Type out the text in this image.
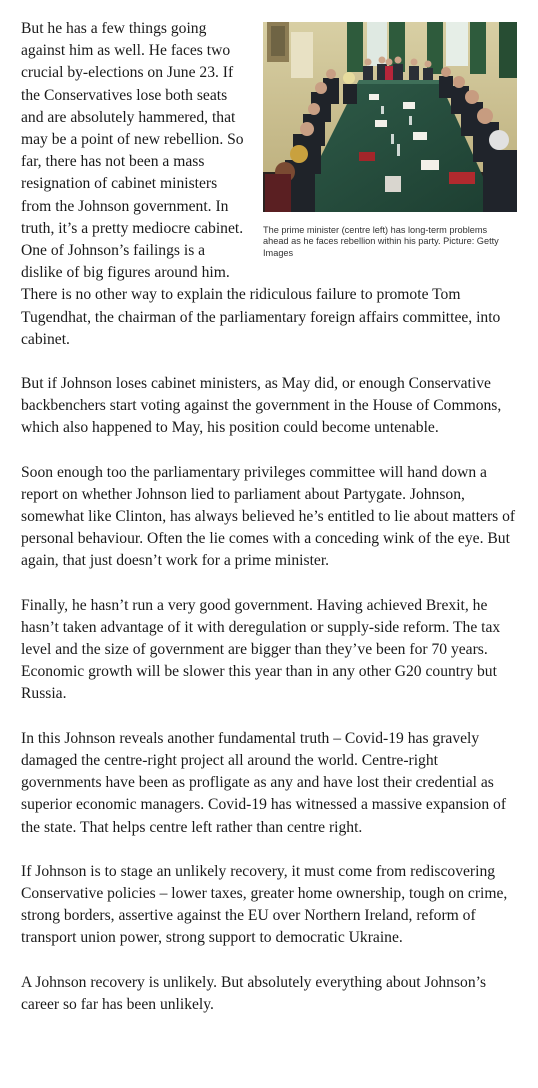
The prime minister (centre left) has long-term problems ahead as he faces rebellion within his party. Picture: Getty Images

But he has a few things going against him as well. He faces two crucial by-elections on June 23. If the Conservatives lose both seats and are absolutely hammered, that may be a point of new rebellion. So far, there has not been a mass resignation of cabinet ministers from the Johnson government. In truth, it’s a pretty mediocre cabinet. One of Johnson’s failings is a dislike of big figures around him. There is no other way to explain the ridiculous failure to promote Tom Tugendhat, the chairman of the parliamentary foreign affairs committee, into cabinet.

But if Johnson loses cabinet ministers, as May did, or enough Conservative backbenchers start voting against the government in the House of Commons, which also happened to May, his position could become untenable.

Soon enough too the parliamentary privileges committee will hand down a report on whether Johnson lied to parliament about Partygate. Johnson, somewhat like Clinton, has always believed he’s entitled to lie about matters of personal behaviour. Often the lie comes with a conceding wink of the eye. But again, that just doesn’t work for a prime minister.

Finally, he hasn’t run a very good government. Having achieved Brexit, he hasn’t taken advantage of it with deregulation or supply-side reform. The tax level and the size of government are bigger than they’ve been for 70 years. Economic growth will be slower this year than in any other G20 country but Russia.

In this Johnson reveals another fundamental truth – Covid-19 has gravely damaged the centre-right project all around the world. Centre-right governments have been as profligate as any and have lost their credential as superior economic managers. Covid-19 has witnessed a massive expansion of the state. That helps centre left rather than centre right.

If Johnson is to stage an unlikely recovery, it must come from rediscovering Conservative policies – lower taxes, greater home ownership, tough on crime, strong borders, assertive against the EU over Northern Ireland, reform of transport union power, strong support to democratic Ukraine.

A Johnson recovery is unlikely. But absolutely everything about Johnson’s career so far has been unlikely.
